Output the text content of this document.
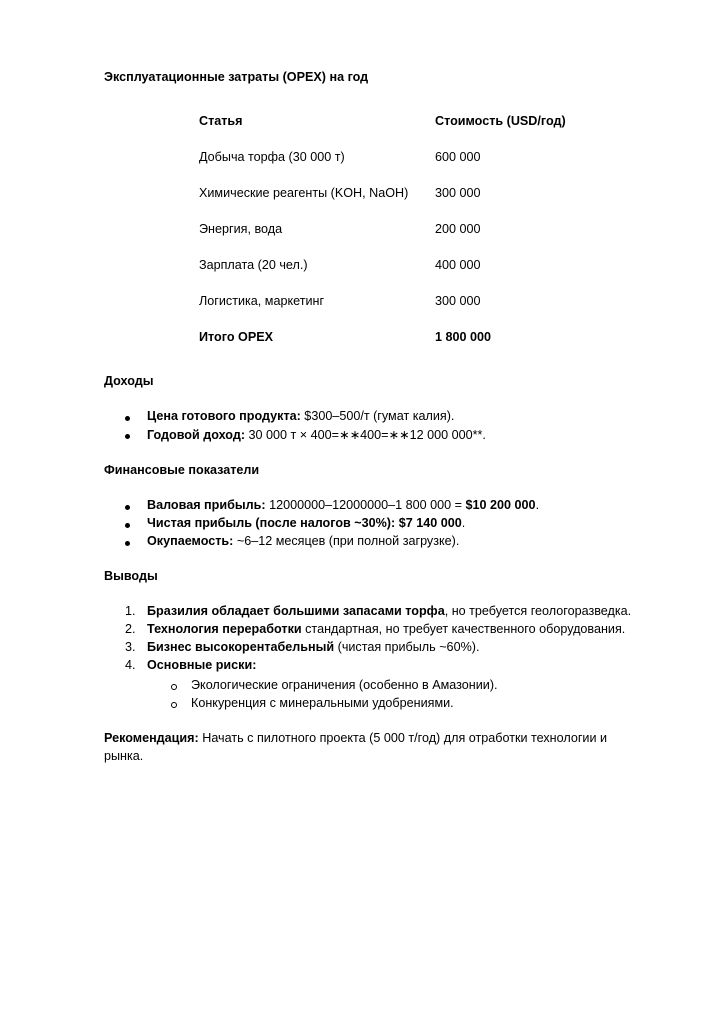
Эксплуатационные затраты (OPEX) на год
Статья	Стоимость (USD/год)
Добыча торфа (30 000 т)	600 000
Химические реагенты (KOH, NaOH) 300 000
Энергия, вода	200 000
Зарплата (20 чел.)	400 000
Логистика, маркетинг	300 000
Итого OPEX	1 800 000
Доходы
Цена готового продукта: $300–500/т (гумат калия).
Годовой доход: 30 000 т × 400=∗∗400=∗∗12 000 000**.
Финансовые показатели
Валовая прибыль: 12000000–12000000–1 800 000 = $10 200 000.
Чистая прибыль (после налогов ~30%): $7 140 000.
Окупаемость: ~6–12 месяцев (при полной загрузке).
Выводы
1. Бразилия обладает большими запасами торфа, но требуется геологоразведка.
2. Технология переработки стандартная, но требует качественного оборудования.
3. Бизнес высокорентабельный (чистая прибыль ~60%).
4. Основные риски:
Экологические ограничения (особенно в Амазонии).
Конкуренция с минеральными удобрениями.
Рекомендация: Начать с пилотного проекта (5 000 т/год) для отработки технологии и
рынка.
